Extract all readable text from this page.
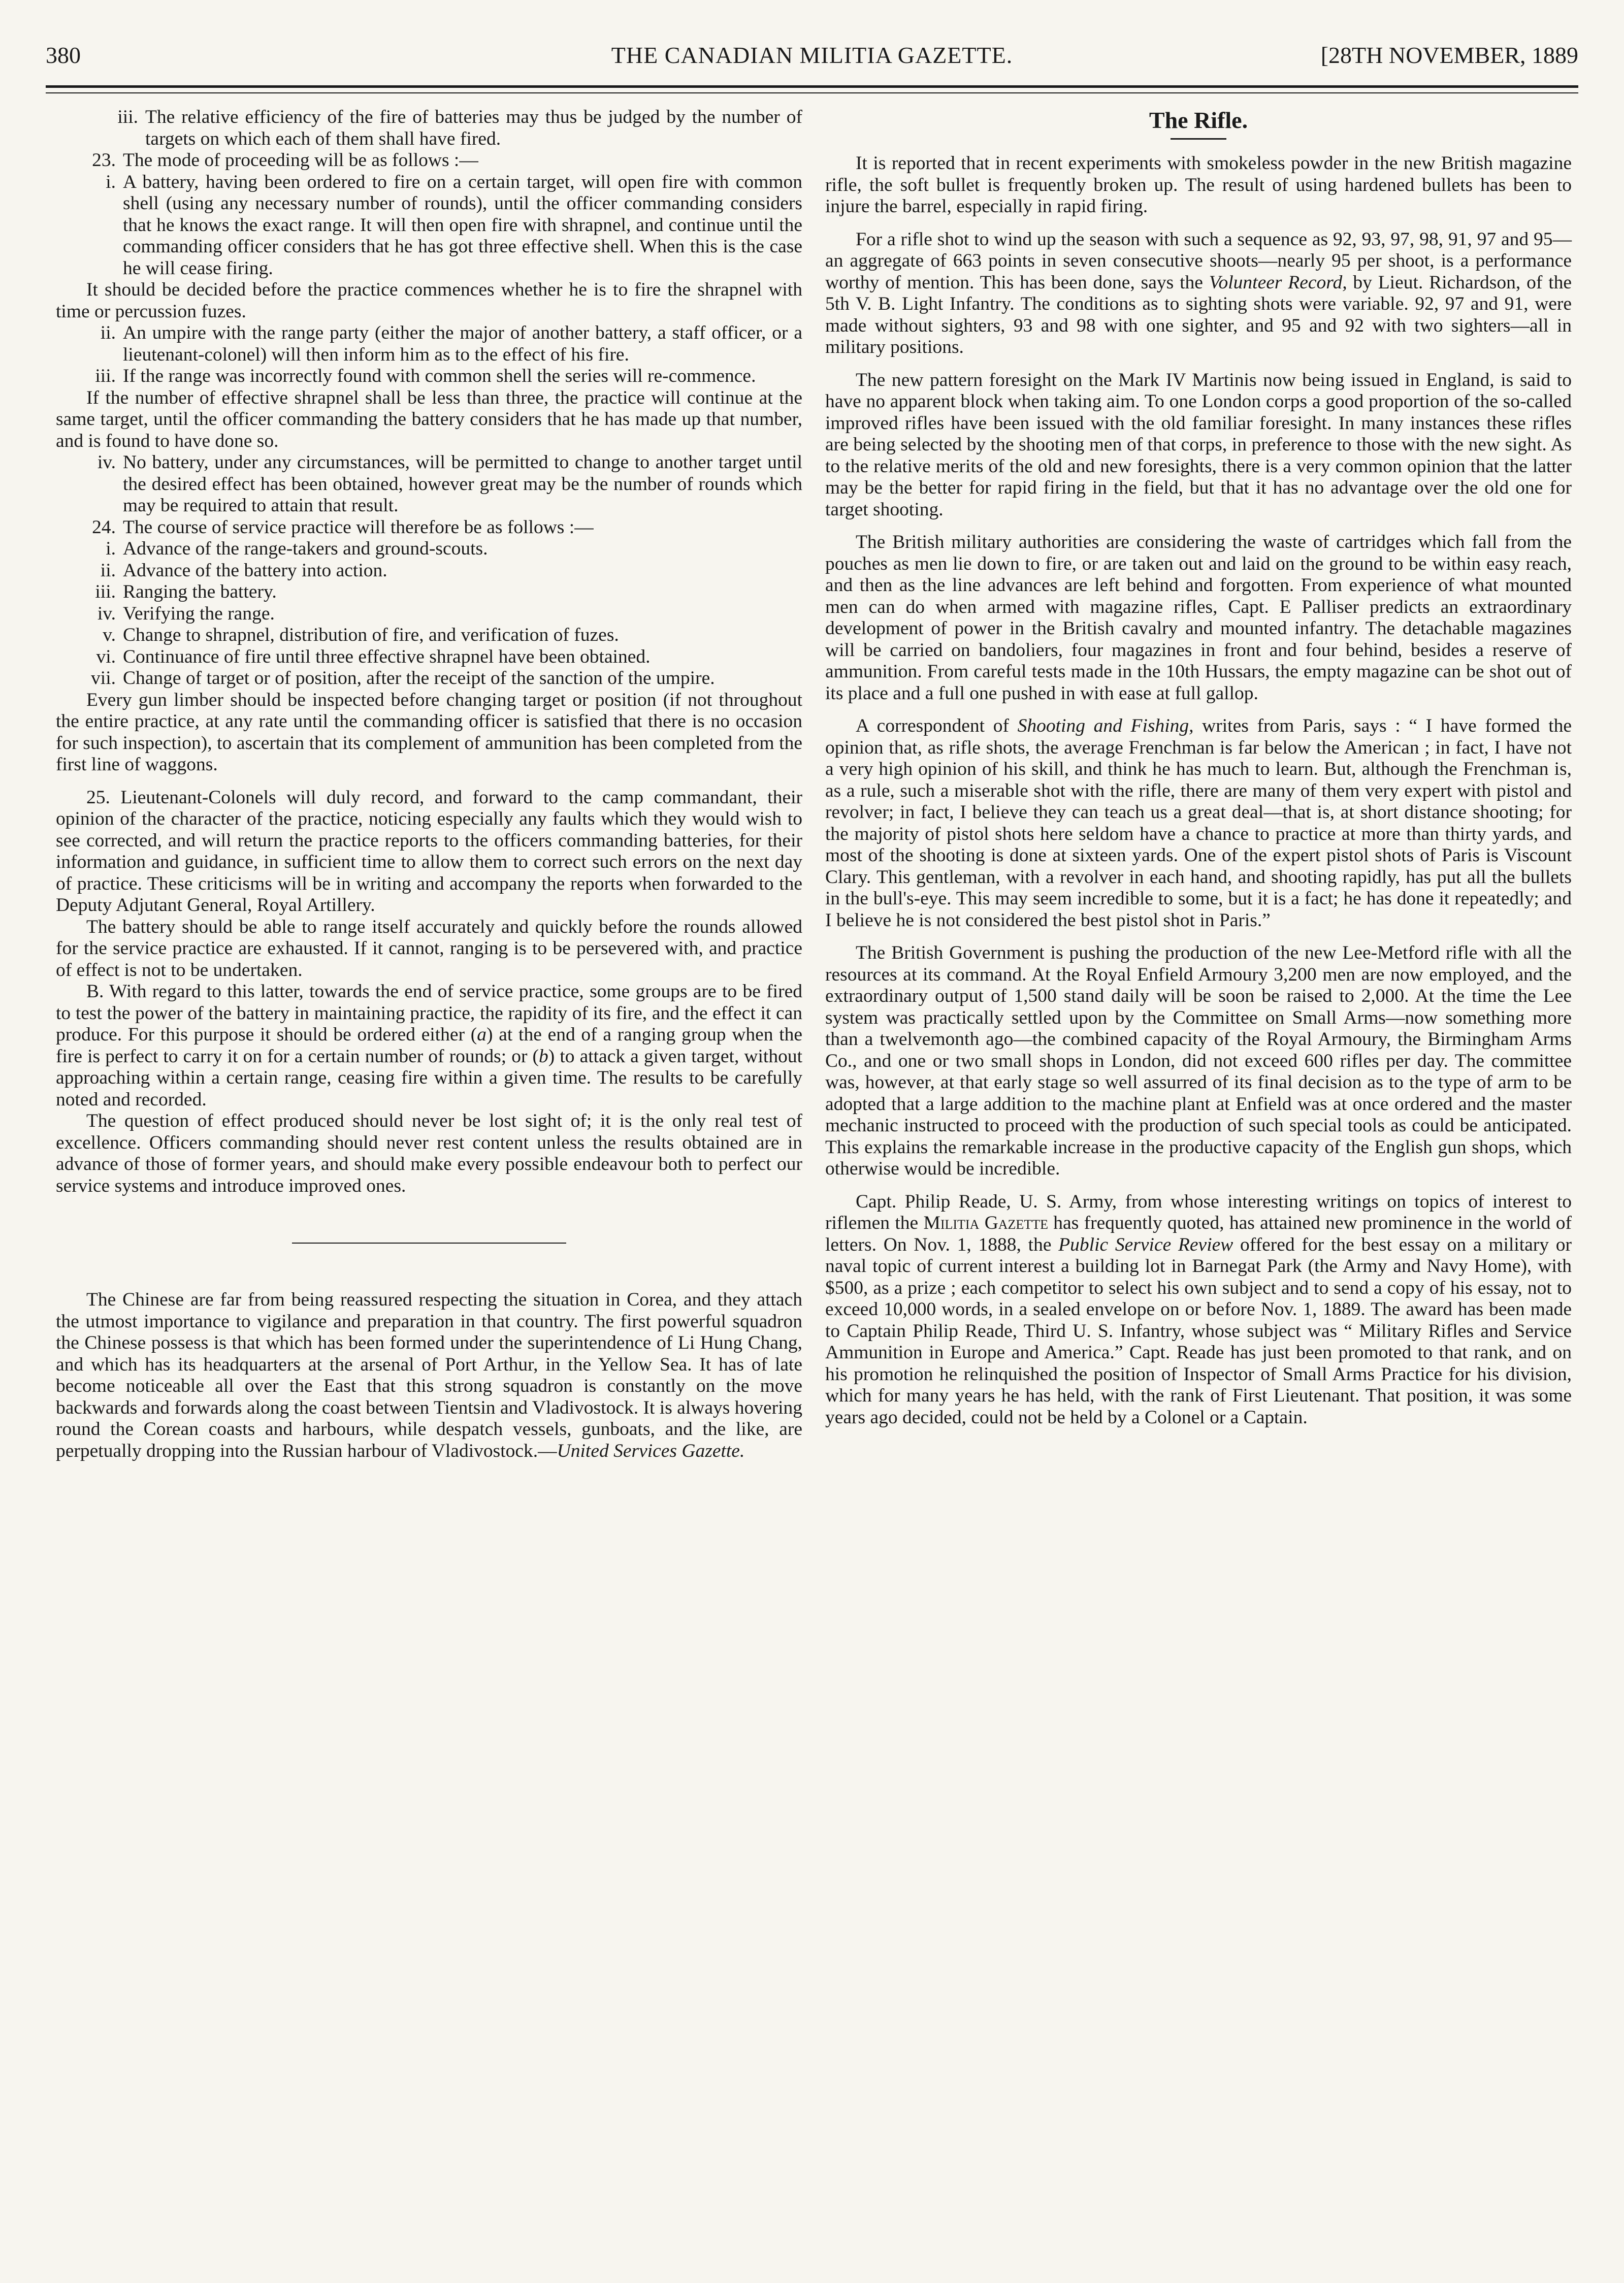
380	THE CANADIAN MILITIA GAZETTE.	[28TH NOVEMBER, 1889
iii. The relative efficiency of the fire of batteries may thus be judged by the number of targets on which each of them shall have fired.
23. The mode of proceeding will be as follows :—
i. A battery, having been ordered to fire on a certain target, will open fire with common shell (using any necessary number of rounds), until the officer commanding considers that he knows the exact range. It will then open fire with shrapnel, and continue until the commanding officer considers that he has got three effective shell. When this is the case he will cease firing.

It should be decided before the practice commences whether he is to fire the shrapnel with time or percussion fuzes.

ii. An umpire with the range party (either the major of another battery, a staff officer, or a lieutenant-colonel) will then inform him as to the effect of his fire.
iii. If the range was incorrectly found with common shell the series will re-commence.

If the number of effective shrapnel shall be less than three, the practice will continue at the same target, until the officer commanding the battery considers that he has made up that number, and is found to have done so.

iv. No battery, under any circumstances, will be permitted to change to another target until the desired effect has been obtained, however great may be the number of rounds which may be required to attain that result.
24. The course of service practice will therefore be as follows :—
i. Advance of the range-takers and ground-scouts.
ii. Advance of the battery into action.
iii. Ranging the battery.
iv. Verifying the range.
v. Change to shrapnel, distribution of fire, and verification of fuzes.
vi. Continuance of fire until three effective shrapnel have been obtained.
vii. Change of target or of position, after the receipt of the sanction of the umpire.

Every gun limber should be inspected before changing target or position (if not throughout the entire practice, at any rate until the commanding officer is satisfied that there is no occasion for such inspection), to ascertain that its complement of ammunition has been completed from the first line of waggons.

25. Lieutenant-Colonels will duly record, and forward to the camp commandant, their opinion of the character of the practice, noticing especially any faults which they would wish to see corrected, and will return the practice reports to the officers commanding batteries, for their information and guidance, in sufficient time to allow them to correct such errors on the next day of practice. These criticisms will be in writing and accompany the reports when forwarded to the Deputy Adjutant General, Royal Artillery.

The battery should be able to range itself accurately and quickly before the rounds allowed for the service practice are exhausted. If it cannot, ranging is to be persevered with, and practice of effect is not to be undertaken.

B. With regard to this latter, towards the end of service practice, some groups are to be fired to test the power of the battery in maintaining practice, the rapidity of its fire, and the effect it can produce. For this purpose it should be ordered either (a) at the end of a ranging group when the fire is perfect to carry it on for a certain number of rounds; or (b) to attack a given target, without approaching within a certain range, ceasing fire within a given time. The results to be carefully noted and recorded.

The question of effect produced should never be lost sight of; it is the only real test of excellence. Officers commanding should never rest content unless the results obtained are in advance of those of former years, and should make every possible endeavour both to perfect our service systems and introduce improved ones.

The Chinese are far from being reassured respecting the situation in Corea, and they attach the utmost importance to vigilance and preparation in that country. The first powerful squadron the Chinese possess is that which has been formed under the superintendence of Li Hung Chang, and which has its headquarters at the arsenal of Port Arthur, in the Yellow Sea. It has of late become noticeable all over the East that this strong squadron is constantly on the move backwards and forwards along the coast between Tientsin and Vladivostock. It is always hovering round the Corean coasts and harbours, while despatch vessels, gunboats, and the like, are perpetually dropping into the Russian harbour of Vladivostock.—United Services Gazette.

The Rifle.

It is reported that in recent experiments with smokeless powder in the new British magazine rifle, the soft bullet is frequently broken up. The result of using hardened bullets has been to injure the barrel, especially in rapid firing.

For a rifle shot to wind up the season with such a sequence as 92, 93, 97, 98, 91, 97 and 95—an aggregate of 663 points in seven consecutive shoots—nearly 95 per shoot, is a performance worthy of mention. This has been done, says the Volunteer Record, by Lieut. Richardson, of the 5th V. B. Light Infantry. The conditions as to sighting shots were variable. 92, 97 and 91, were made without sighters, 93 and 98 with one sighter, and 95 and 92 with two sighters—all in military positions.

The new pattern foresight on the Mark IV Martinis now being issued in England, is said to have no apparent block when taking aim. To one London corps a good proportion of the so-called improved rifles have been issued with the old familiar foresight. In many instances these rifles are being selected by the shooting men of that corps, in preference to those with the new sight. As to the relative merits of the old and new foresights, there is a very common opinion that the latter may be the better for rapid firing in the field, but that it has no advantage over the old one for target shooting.

The British military authorities are considering the waste of cartridges which fall from the pouches as men lie down to fire, or are taken out and laid on the ground to be within easy reach, and then as the line advances are left behind and forgotten. From experience of what mounted men can do when armed with magazine rifles, Capt. E Palliser predicts an extraordinary development of power in the British cavalry and mounted infantry. The detachable magazines will be carried on bandoliers, four magazines in front and four behind, besides a reserve of ammunition. From careful tests made in the 10th Hussars, the empty magazine can be shot out of its place and a full one pushed in with ease at full gallop.

A correspondent of Shooting and Fishing, writes from Paris, says : “ I have formed the opinion that, as rifle shots, the average Frenchman is far below the American ; in fact, I have not a very high opinion of his skill, and think he has much to learn. But, although the Frenchman is, as a rule, such a miserable shot with the rifle, there are many of them very expert with pistol and revolver; in fact, I believe they can teach us a great deal—that is, at short distance shooting; for the majority of pistol shots here seldom have a chance to practice at more than thirty yards, and most of the shooting is done at sixteen yards. One of the expert pistol shots of Paris is Viscount Clary. This gentleman, with a revolver in each hand, and shooting rapidly, has put all the bullets in the bull's-eye. This may seem incredible to some, but it is a fact; he has done it repeatedly; and I believe he is not considered the best pistol shot in Paris.”

The British Government is pushing the production of the new Lee-Metford rifle with all the resources at its command. At the Royal Enfield Armoury 3,200 men are now employed, and the extraordinary output of 1,500 stand daily will be soon be raised to 2,000. At the time the Lee system was practically settled upon by the Committee on Small Arms—now something more than a twelvemonth ago—the combined capacity of the Royal Armoury, the Birmingham Arms Co., and one or two small shops in London, did not exceed 600 rifles per day. The committee was, however, at that early stage so well assurred of its final decision as to the type of arm to be adopted that a large addition to the machine plant at Enfield was at once ordered and the master mechanic instructed to proceed with the production of such special tools as could be anticipated. This explains the remarkable increase in the productive capacity of the English gun shops, which otherwise would be incredible.

Capt. Philip Reade, U. S. Army, from whose interesting writings on topics of interest to riflemen the Militia Gazette has frequently quoted, has attained new prominence in the world of letters. On Nov. 1, 1888, the Public Service Review offered for the best essay on a military or naval topic of current interest a building lot in Barnegat Park (the Army and Navy Home), with $500, as a prize ; each competitor to select his own subject and to send a copy of his essay, not to exceed 10,000 words, in a sealed envelope on or before Nov. 1, 1889. The award has been made to Captain Philip Reade, Third U. S. Infantry, whose subject was “ Military Rifles and Service Ammunition in Europe and America.” Capt. Reade has just been promoted to that rank, and on his promotion he relinquished the position of Inspector of Small Arms Practice for his division, which for many years he has held, with the rank of First Lieutenant. That position, it was some years ago decided, could not be held by a Colonel or a Captain.
